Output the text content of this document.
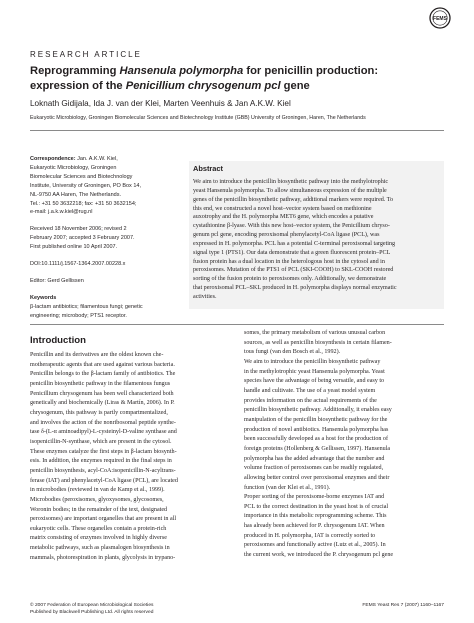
FEMS
RESEARCH ARTICLE
Reprogramming Hansenula polymorpha for penicillin production:
expression of the Penicillium chrysogenum pcl gene
Loknath Gidijala, Ida J. van der Klei, Marten Veenhuis & Jan A.K.W. Kiel
Eukaryotic Microbiology, Groningen Biomolecular Sciences and Biotechnology Institute (GBB) University of Groningen, Haren, The Netherlands
Correspondence: Jan. A.K.W. Kiel,
Eukaryotic Microbiology, Groningen
Biomolecular Sciences and Biotechnology
Institute, University of Groningen, PO Box 14,
NL-9750 AA Haren, The Netherlands.
Tel.: +31 50 3632218; fax: +31 50 3632154;
e-mail: j.a.k.w.kiel@rug.nl
Received 18 November 2006; revised 2
February 2007; accepted 3 February 2007.
First published online 10 April 2007.
DOI:10.1111/j.1567-1364.2007.00228.x
Editor: Gerd Gellissen
Keywords
β-lactam antibiotics; filamentous fungi; genetic
engineering; microbody; PTS1 receptor.
Abstract
We aim to introduce the penicillin biosynthetic pathway into the methylotrophic
yeast Hansenula polymorpha. To allow simultaneous expression of the multiple
genes of the penicillin biosynthetic pathway, additional markers were required. To
this end, we constructed a novel host–vector system based on methionine
auxotrophy and the H. polymorpha MET6 gene, which encodes a putative
cystathionine β-lyase. With this new host–vector system, the Penicillium chryso-
genum pcl gene, encoding peroxisomal phenylacetyl-CoA ligase (PCL), was
expressed in H. polymorpha. PCL has a potential C-terminal peroxisomal targeting
signal type 1 (PTS1). Our data demonstrate that a green fluorescent protein–PCL
fusion protein has a dual location in the heterologous host in the cytosol and in
peroxisomes. Mutation of the PTS1 of PCL (SKI-COOH) to SKL-COOH restored
sorting of the fusion protein to peroxisomes only. Additionally, we demonstrate
that peroxisomal PCL–SKL produced in H. polymorpha displays normal enzymatic
activities.
Introduction
Penicillin and its derivatives are the oldest known che-
motherapeutic agents that are used against various bacteria.
Penicillin belongs to the β-lactam family of antibiotics. The
penicillin biosynthetic pathway in the filamentous fungus
Penicillium chrysogenum has been well characterized both
genetically and biochemically (Liras & Martín, 2006). In P.
chrysogenum, this pathway is partly compartmentalized,
and involves the action of the nonribosomal peptide synthe-
tase δ-(L-α aminoadipyl)-L-cysteinyl-D-valine synthase and
isopenicillin-N-synthase, which are present in the cytosol.
These enzymes catalyze the first steps in β-lactam biosynth-
esis. In addition, the enzymes required in the final steps in
penicillin biosynthesis, acyl-CoA:isopenicillin-N-acyltrans-
ferase (IAT) and phenylacetyl-CoA ligase (PCL), are located
in microbodies (reviewed in van de Kamp et al., 1999).
Microbodies (peroxisomes, glyoxysomes, glycosomes,
Woronin bodies; in the remainder of the text, designated
peroxisomes) are important organelles that are present in all
eukaryotic cells. These organelles contain a protein-rich
matrix consisting of enzymes involved in highly diverse
metabolic pathways, such as plasmalogen biosynthesis in
mammals, photorespiration in plants, glycolysis in trypano-
somes, the primary metabolism of various unusual carbon
sources, as well as penicillin biosynthesis in certain filamen-
tous fungi (van den Bosch et al., 1992).
We aim to introduce the penicillin biosynthetic pathway
in the methylotrophic yeast Hansenula polymorpha. Yeast
species have the advantage of being versatile, and easy to
handle and cultivate. The use of a yeast model system
provides information on the actual requirements of the
penicillin biosynthetic pathway. Additionally, it enables easy
manipulation of the penicillin biosynthetic pathway for the
production of novel antibiotics. Hansenula polymorpha has
been successfully developed as a host for the production of
foreign proteins (Hollenberg & Gellissen, 1997). Hansenula
polymorpha has the added advantage that the number and
volume fraction of peroxisomes can be readily regulated,
allowing better control over peroxisomal enzymes and their
function (van der Klei et al., 1991).
Proper sorting of the peroxisome-borne enzymes IAT and
PCL to the correct destination in the yeast host is of crucial
importance in this metabolic reprogramming scheme. This
has already been achieved for P. chrysogenum IAT. When
produced in H. polymorpha, IAT is correctly sorted to
peroxisomes and functionally active (Lutz et al., 2005). In
the current work, we introduced the P. chrysogenum pcl gene
© 2007 Federation of European Microbiological Societies
Published by Blackwell Publishing Ltd. All rights reserved
FEMS Yeast Res 7 (2007) 1160–1167
